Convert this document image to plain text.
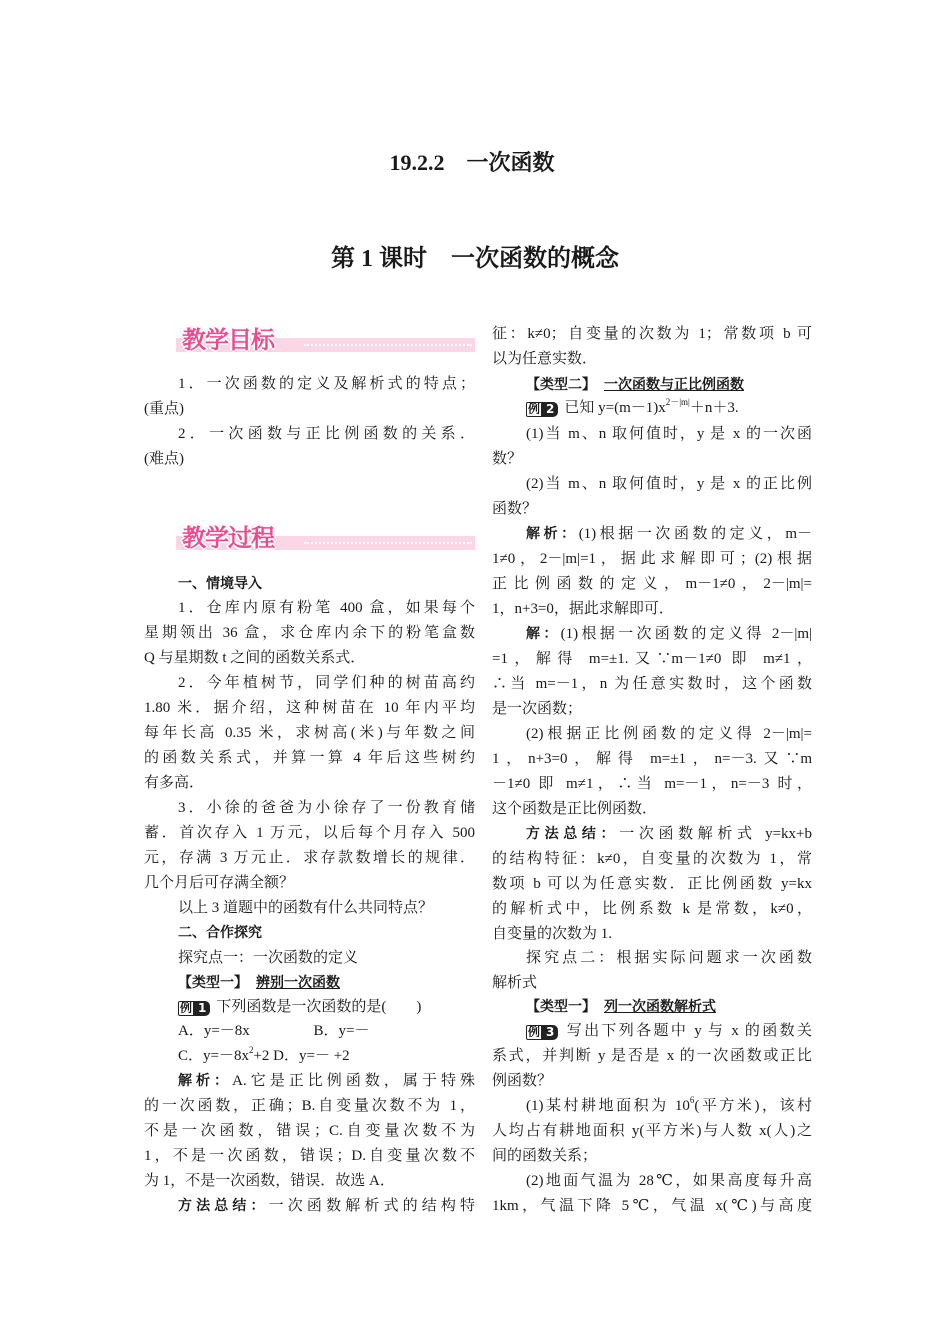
19.2.2　一次函数
第 1 课时　一次函数的概念
教学目标
教学过程
1．一次函数的定义及解析式的特点；
(重点)
2．一次函数与正比例函数的关系．
(难点)
一、情境导入
1．仓库内原有粉笔 400 盒，如果每个
星期领出 36 盒，求仓库内余下的粉笔盒数
Q 与星期数 t 之间的函数关系式．
2．今年植树节，同学们种的树苗高约
1.80 米．据介绍，这种树苗在 10 年内平均
每年长高 0.35 米，求树高(米)与年数之间
的函数关系式，并算一算 4 年后这些树约
有多高．
3．小徐的爸爸为小徐存了一份教育储
蓄．首次存入 1 万元，以后每个月存入 500
元，存满 3 万元止．求存款数增长的规律．
几个月后可存满全额？
以上 3 道题中的函数有什么共同特点？
二、合作探究
探究点一：一次函数的定义
【类型一】 辨别一次函数
例 1 下列函数是一次函数的是(　　)
A．y=－8x　　　　 B．y=－
C．$y=-8x^2+2$ D．y=－ +2
解析：A.它是正比例函数，属于特殊
的一次函数，正确；B.自变量次数不为 1，
不是一次函数，错误；C.自变量次数不为
1，不是一次函数，错误；D.自变量次数不
为 1，不是一次函数，错误．故选 A．
方法总结：一次函数解析式的结构特
征：k≠0；自变量的次数为 1；常数项 b 可
以为任意实数．
【类型二】 一次函数与正比例函数
例 2 已知 $y=(m-1)x^{2-|m|}+n+3$.
(1)当 m、n 取何值时，y 是 x 的一次函
数？
(2)当 m、n 取何值时，y 是 x 的正比例
函数？
解析：(1)根据一次函数的定义，m－
1≠0，2－|m|=1，据此求解即可；(2)根据
正比例函数的定义，m－1≠0，2－|m|=
1，n+3=0，据此求解即可．
解：(1)根据一次函数的定义得 2－|m|
=1，解得 m=±1.又∵m－1≠0 即 m≠1，
∴当 m=－1，n 为任意实数时，这个函数
是一次函数；
(2)根据正比例函数的定义得 2－|m|=
1，n+3=0，解得 m=±1，n=－3.又∵m
－1≠0 即 m≠1，∴当 m=－1，n=－3 时，
这个函数是正比例函数．
方法总结：一次函数解析式 y=kx+b
的结构特征：k≠0，自变量的次数为 1，常
数项 b 可以为任意实数．正比例函数 y=kx
的解析式中，比例系数 k 是常数，k≠0，
自变量的次数为 1.
探究点二：根据实际问题求一次函数
解析式
【类型一】 列一次函数解析式
例 3 写出下列各题中 y 与 x 的函数关
系式，并判断 y 是否是 x 的一次函数或正比
例函数？
(1)某村耕地面积为 $10^6$(平方米)，该村
人均占有耕地面积 y(平方米)与人数 x(人)之
间的函数关系；
(2)地面气温为 28℃，如果高度每升高
1km，气温下降 5℃，气温 x(℃)与高度
